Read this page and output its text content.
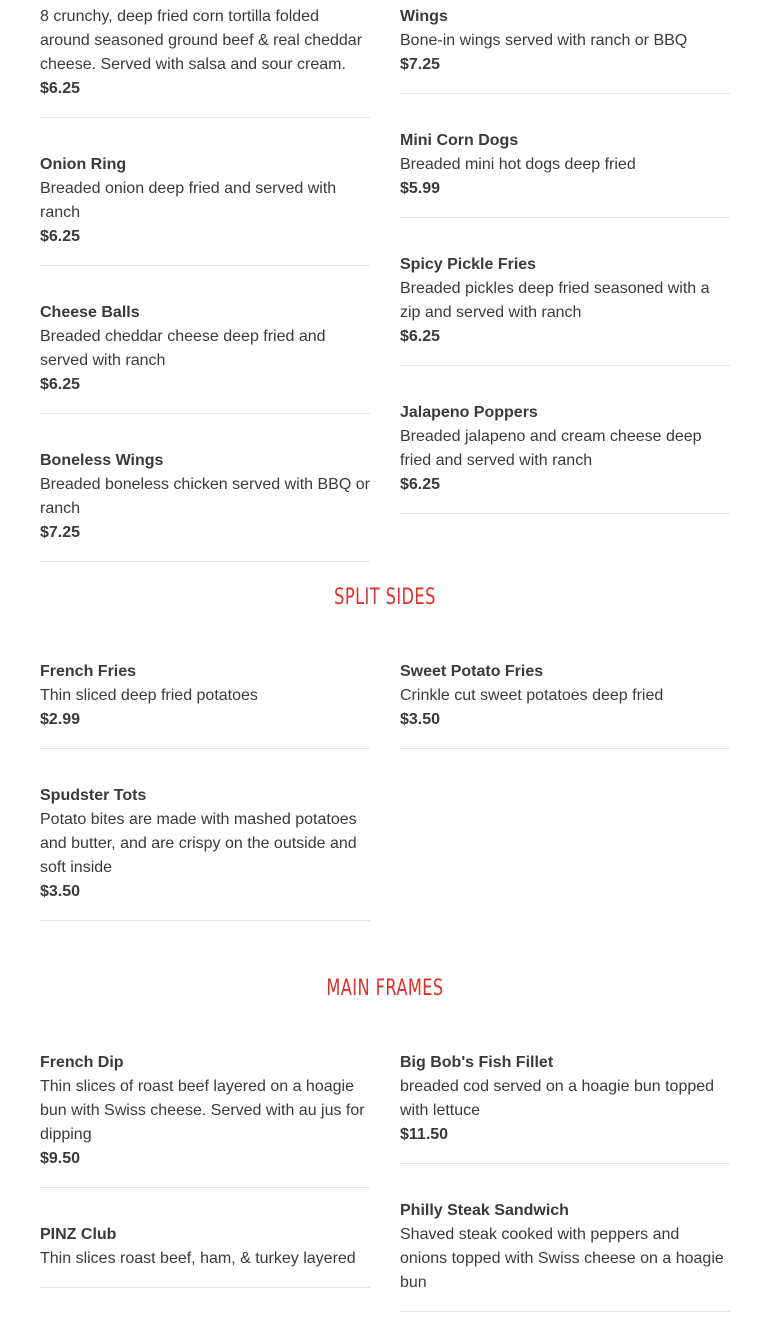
8 crunchy, deep fried corn tortilla folded around seasoned ground beef & real cheddar cheese. Served with salsa and sour cream.
$6.25
Onion Ring
Breaded onion deep fried and served with ranch
$6.25
Cheese Balls
Breaded cheddar cheese deep fried and served with ranch
$6.25
Boneless Wings
Breaded boneless chicken served with BBQ or ranch
$7.25
Wings
Bone-in wings served with ranch or BBQ
$7.25
Mini Corn Dogs
Breaded mini hot dogs deep fried
$5.99
Spicy Pickle Fries
Breaded pickles deep fried seasoned with a zip and served with ranch
$6.25
Jalapeno Poppers
Breaded jalapeno and cream cheese deep fried and served with ranch
$6.25
SPLIT SIDES
French Fries
Thin sliced deep fried potatoes
$2.99
Spudster Tots
Potato bites are made with mashed potatoes and butter, and are crispy on the outside and soft inside
$3.50
Sweet Potato Fries
Crinkle cut sweet potatoes deep fried
$3.50
MAIN FRAMES
French Dip
Thin slices of roast beef layered on a hoagie bun with Swiss cheese. Served with au jus for dipping
$9.50
PINZ Club
Thin slices roast beef, ham, & turkey layered
Big Bob's Fish Fillet
breaded cod served on a hoagie bun topped with lettuce
$11.50
Philly Steak Sandwich
Shaved steak cooked with peppers and onions topped with Swiss cheese on a hoagie bun
